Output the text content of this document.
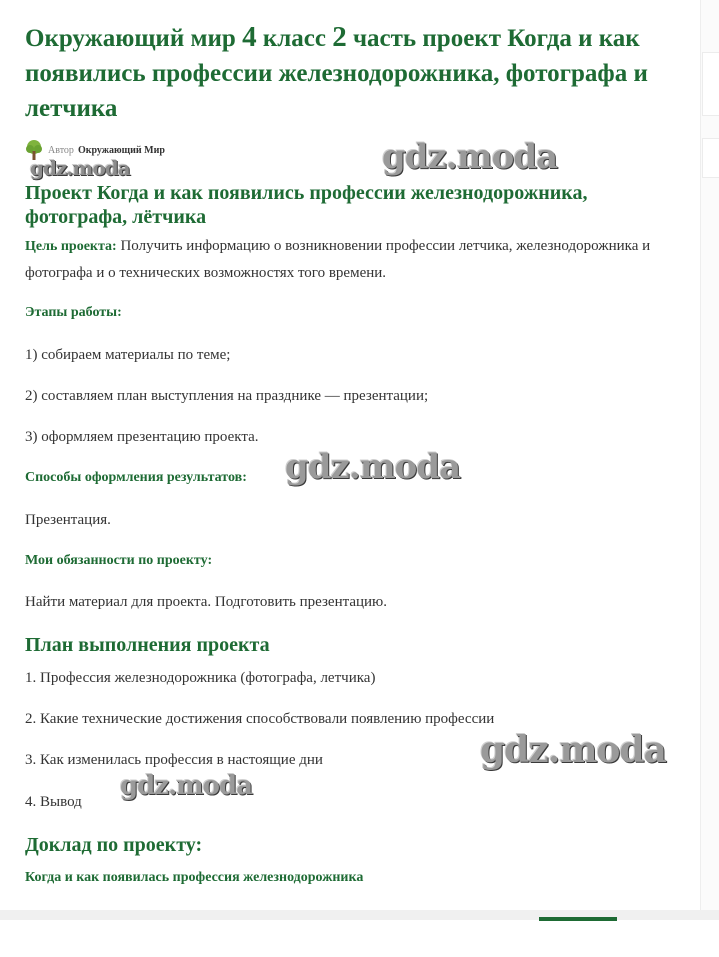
Окружающий мир 4 класс 2 часть проект Когда и как появились профессии железнодорожника, фотографа и летчика
Автор Окружающий Мир
gdz.moda	gdz.moda
Проект Когда и как появились профессии железнодорожника, фотографа, лётчика

Цель проекта: Получить информацию о возникновении профессии летчика, железнодорожника и фотографа и о технических возможностях того времени.

Этапы работы:

1) собираем материалы по теме;

2) составляем план выступления на празднике — презентации;

3) оформляем презентацию проекта.

Способы оформления результатов: gdz.moda

Презентация.

Мои обязанности по проекту:

Найти материал для проекта. Подготовить презентацию.

План выполнения проекта

1. Профессия железнодорожника (фотографа, летчика)

2. Какие технические достижения способствовали появлению профессии

3. Как изменилась профессия в настоящие дни	gdz.moda

4. Вывод

gdz.moda
Доклад по проекту:

Когда и как появилась профессия железнодорожника
